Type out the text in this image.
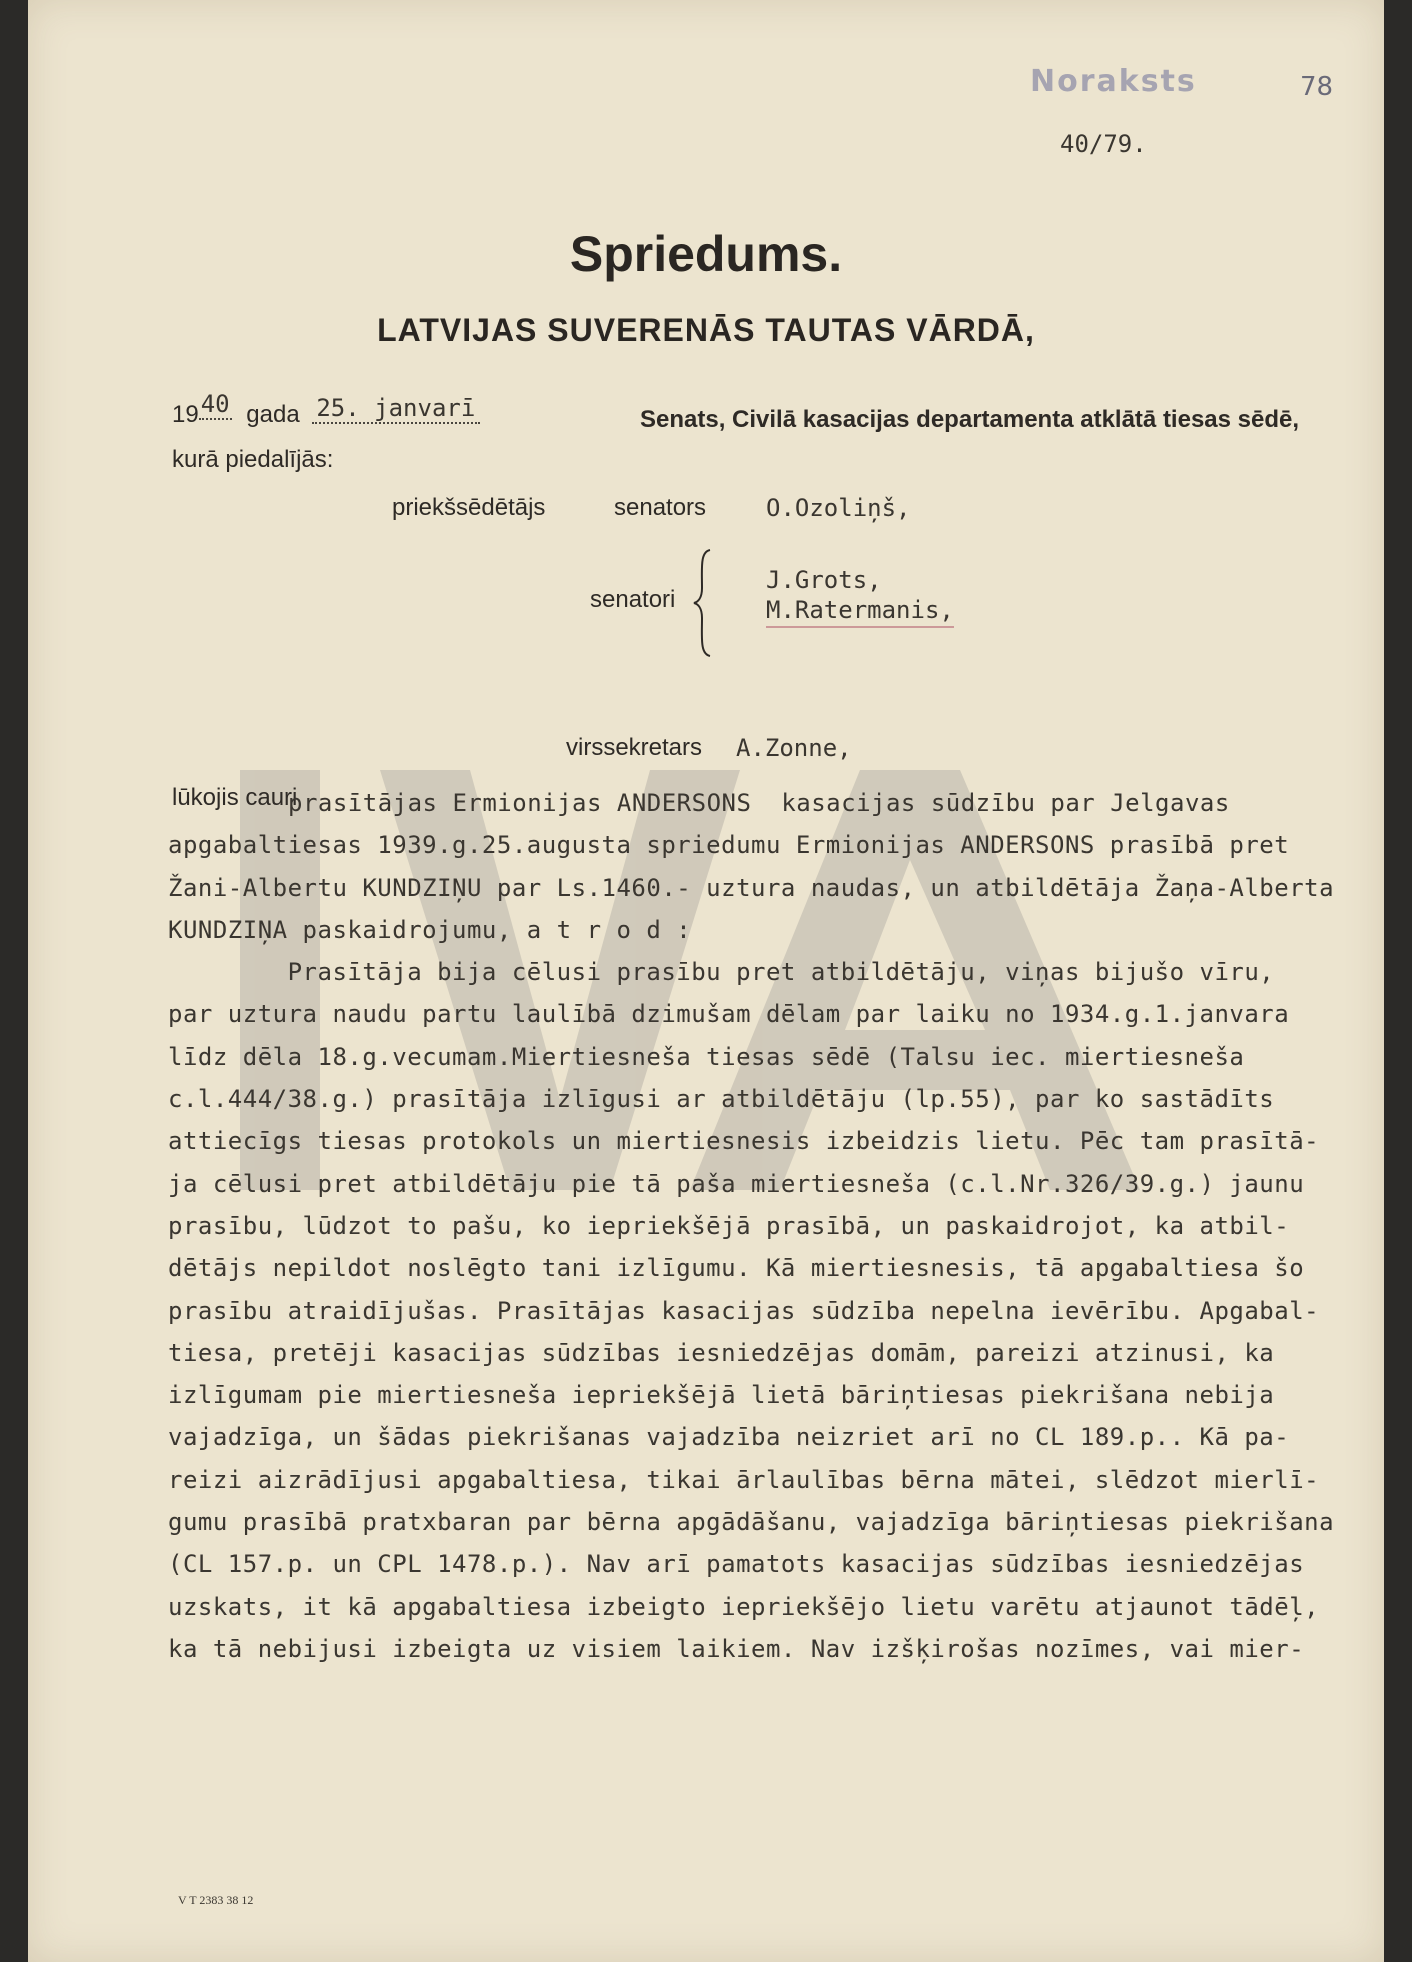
Noraksts	78
40/79.
Spriedums.
LATVIJAS SUVERENĀS TAUTAS VĀRDĀ,
1940 gada 25. janvarī	Senats, Civilā kasacijas departamenta atklātā tiesas sēdē,
kurā piedalījās:
priekšsēdētājs	senators O.Ozoliņš,
senatori
J.Grots,
M.Ratermanis,
virssekretars A.Zonne,
lūkojis cauri

prasītājas Ermionijas ANDERSONS  kasacijas sūdzību par Jelgavas

apgabaltiesas 1939.g.25.augusta spriedumu Ermionijas ANDERSONS prasībā pret

Žani-Albertu KUNDZIŅU par Ls.1460.- uztura naudas, un atbildētāja Žaņa-Alberta

KUNDZIŅA paskaidrojumu, a t r o d :

Prasītāja bija cēlusi prasību pret atbildētāju, viņas bijušo vīru,

par uztura naudu partu laulībā dzimušam dēlam par laiku no 1934.g.1.janvara

līdz dēla 18.g.vecumam.Miertiesneša tiesas sēdē (Talsu iec. miertiesneša

c.l.444/38.g.) prasītāja izlīgusi ar atbildētāju (lp.55), par ko sastādīts

attiecīgs tiesas protokols un miertiesnesis izbeidzis lietu. Pēc tam prasītā-

ja cēlusi pret atbildētāju pie tā paša miertiesneša (c.l.Nr.326/39.g.) jaunu

prasību, lūdzot to pašu, ko iepriekšējā prasībā, un paskaidrojot, ka atbil-

dētājs nepildot noslēgto tani izlīgumu. Kā miertiesnesis, tā apgabaltiesa šo

prasību atraidījušas. Prasītājas kasacijas sūdzība nepelna ievērību. Apgabal-

tiesa, pretēji kasacijas sūdzības iesniedzējas domām, pareizi atzinusi, ka

izlīgumam pie miertiesneša iepriekšējā lietā bāriņtiesas piekrišana nebija

vajadzīga, un šādas piekrišanas vajadzība neizriet arī no CL 189.p.. Kā pa-

reizi aizrādījusi apgabaltiesa, tikai ārlaulības bērna mātei, slēdzot mierlī-

gumu prasībā pratxbaran par bērna apgādāšanu, vajadzīga bāriņtiesas piekrišana

(CL 157.p. un CPL 1478.p.). Nav arī pamatots kasacijas sūdzības iesniedzējas

uzskats, it kā apgabaltiesa izbeigto iepriekšējo lietu varētu atjaunot tādēļ,

ka tā nebijusi izbeigta uz visiem laikiem. Nav izšķirošas nozīmes, vai mier-

V T 2383 38 12
